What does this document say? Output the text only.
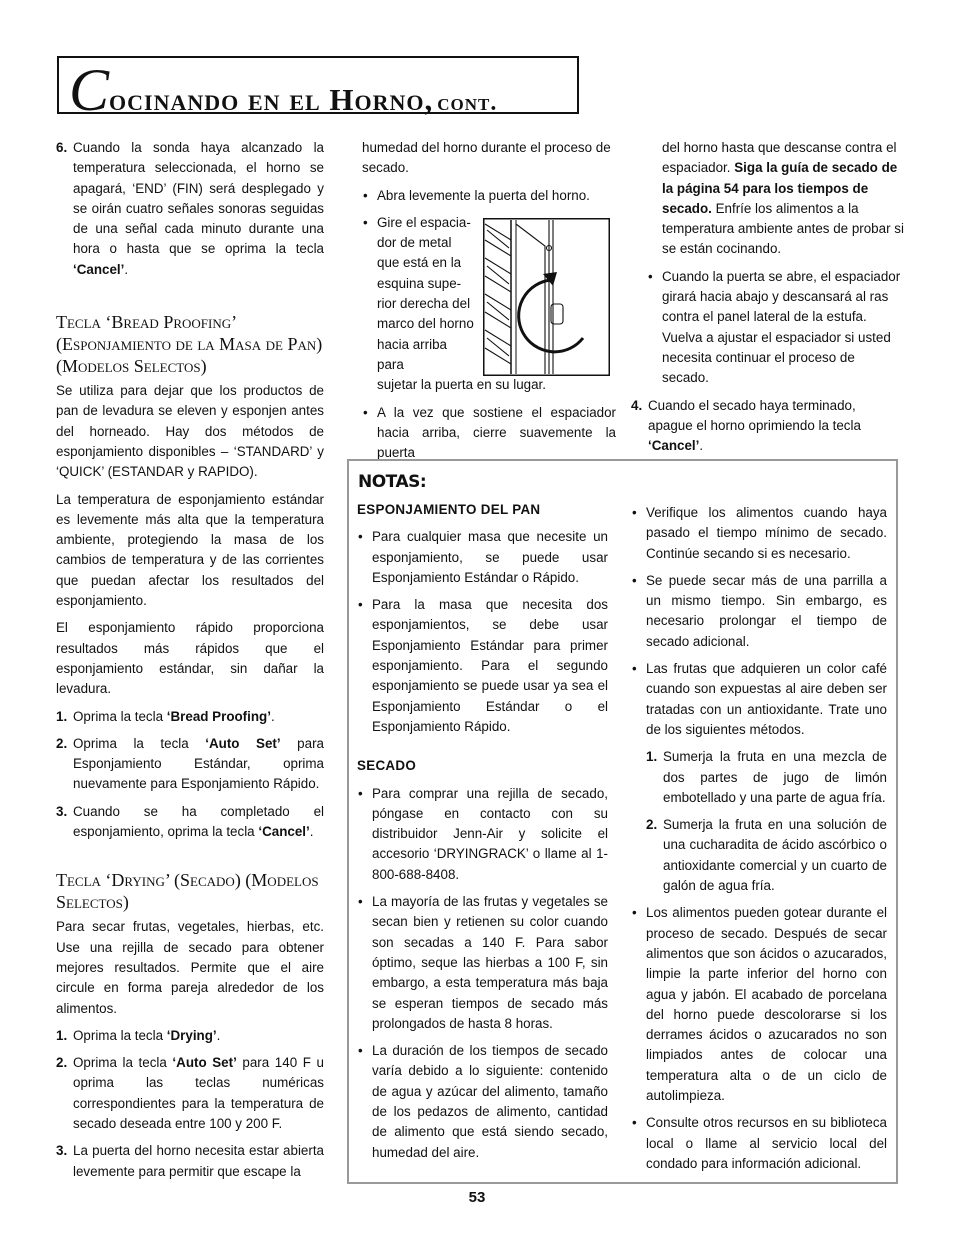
Cocinando en el Horno, cont.
6. Cuando la sonda haya alcanzado la temperatura seleccionada, el horno se apagará, ‘END’ (FIN) será desplegado y se oirán cuatro señales sonoras seguidas de una señal cada minuto durante una hora o hasta que se oprima la tecla ‘Cancel’.
Tecla ‘Bread Proofing’ (Esponjamiento de la Masa de Pan) (Modelos Selectos)

Se utiliza para dejar que los productos de pan de levadura se eleven y esponjen antes del horneado. Hay dos métodos de esponjamiento disponibles – ‘STANDARD’ y ‘QUICK’ (ESTANDAR y RAPIDO).

La temperatura de esponjamiento estándar es levemente más alta que la temperatura ambiente, protegiendo la masa de los cambios de temperatura y de las corrientes que puedan afectar los resultados del esponjamiento.

El esponjamiento rápido proporciona resultados más rápidos que el esponjamiento estándar, sin dañar la levadura.

1. Oprima la tecla ‘Bread Proofing’.
2. Oprima la tecla ‘Auto Set’ para Esponjamiento Estándar, oprima nuevamente para Esponjamiento Rápido.
3. Cuando se ha completado el esponjamiento, oprima la tecla ‘Cancel’.
Tecla ‘Drying’ (Secado) (Modelos Selectos)

Para secar frutas, vegetales, hierbas, etc. Use una rejilla de secado para obtener mejores resultados. Permite que el aire circule en forma pareja alrededor de los alimentos.

1. Oprima la tecla ‘Drying’.
2. Oprima la tecla ‘Auto Set’ para 140 F u oprima las teclas numéricas correspondientes para la temperatura de secado deseada entre 100 y 200 F.
3. La puerta del horno necesita estar abierta levemente para permitir que escape la

humedad del horno durante el proceso de secado.

• Abra levemente la puerta del horno.
• Gire el espacia- dor de metal que está en la esquina supe- rior derecha del marco del horno hacia arriba para
sujetar la puerta en su lugar.
• A la vez que sostiene el espaciador hacia arriba, cierre suavemente la puerta
del horno hasta que descanse contra el espaciador. Siga la guía de secado de la página 54 para los tiempos de secado. Enfríe los alimentos a la temperatura ambiente antes de probar si se están cocinando.
• Cuando la puerta se abre, el espaciador girará hacia abajo y descansará al ras contra el panel lateral de la estufa. Vuelva a ajustar el espaciador si usted necesita continuar el proceso de secado.
4. Cuando el secado haya terminado, apague el horno oprimiendo la tecla ‘Cancel’.
NOTAS:
ESPONJAMIENTO DEL PAN
• Para cualquier masa que necesite un esponjamiento, se puede usar Esponjamiento Estándar o Rápido.
• Para la masa que necesita dos esponjamientos, se debe usar Esponjamiento Estándar para primer esponjamiento. Para el segundo esponjamiento se puede usar ya sea el Esponjamiento Estándar o el Esponjamiento Rápido.
SECADO
• Para comprar una rejilla de secado, póngase en contacto con su distribuidor Jenn-Air y solicite el accesorio ‘DRYINGRACK’ o llame al 1-800-688-8408.
• La mayoría de las frutas y vegetales se secan bien y retienen su color cuando son secadas a 140 F. Para sabor óptimo, seque las hierbas a 100 F, sin embargo, a esta temperatura más baja se esperan tiempos de secado más prolongados de hasta 8 horas.
• La duración de los tiempos de secado varía debido a lo siguiente: contenido de agua y azúcar del alimento, tamaño de los pedazos de alimento, cantidad de alimento que está siendo secado, humedad del aire.
• Verifique los alimentos cuando haya pasado el tiempo mínimo de secado. Continúe secando si es necesario.
• Se puede secar más de una parrilla a un mismo tiempo. Sin embargo, es necesario prolongar el tiempo de secado adicional.
• Las frutas que adquieren un color café cuando son expuestas al aire deben ser tratadas con un antioxidante. Trate uno de los siguientes métodos.
1. Sumerja la fruta en una mezcla de dos partes de jugo de limón embotellado y una parte de agua fría.
2. Sumerja la fruta en una solución de una cucharadita de ácido ascórbico o antioxidante comercial y un cuarto de galón de agua fría.
• Los alimentos pueden gotear durante el proceso de secado. Después de secar alimentos que son ácidos o azucarados, limpie la parte inferior del horno con agua y jabón. El acabado de porcelana del horno puede descolorarse si los derrames ácidos o azucarados no son limpiados antes de colocar una temperatura alta o de un ciclo de autolimpieza.
• Consulte otros recursos en su biblioteca local o llame al servicio local del condado para información adicional.
53
